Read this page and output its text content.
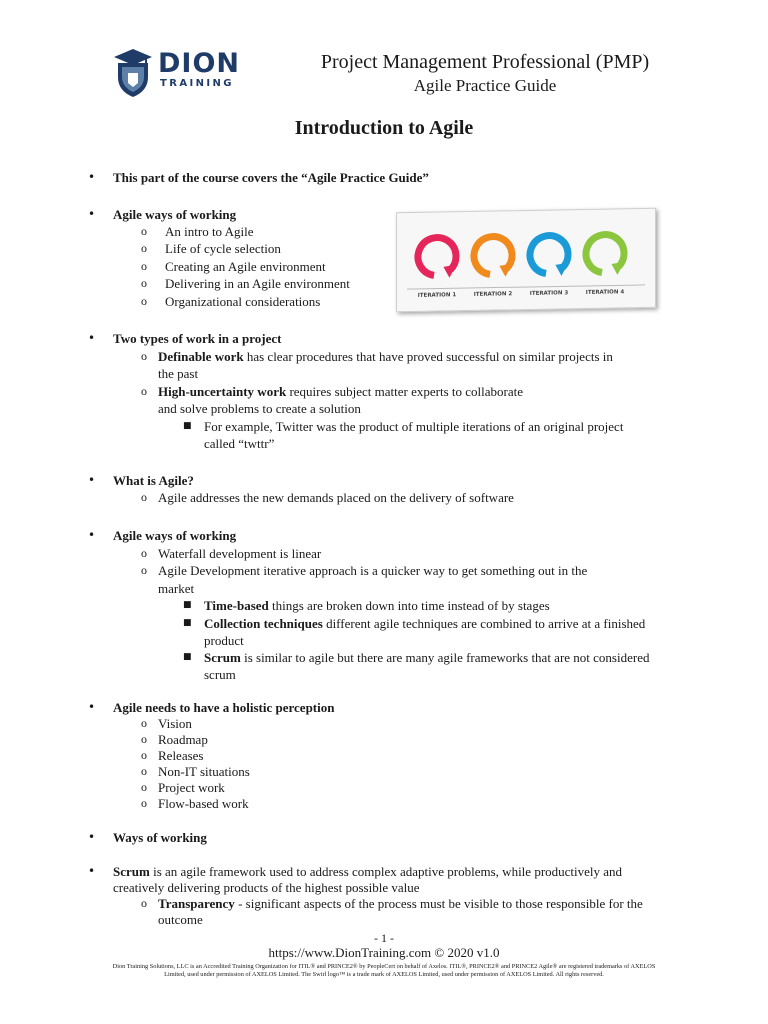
DION
TRAINING
Project Management Professional (PMP)
Agile Practice Guide
Introduction to Agile
• This part of the course covers the “Agile Practice Guide”
• Agile ways of working
o An intro to Agile
o Life of cycle selection
o Creating an Agile environment
o Delivering in an Agile environment
o Organizational considerations	ITERATION 1	ITERATION 2	ITERATION 3	ITERATION 4
• Two types of work in a project
o Definable work has clear procedures that have proved successful on similar projects in
the past
o High-uncertainty work requires subject matter experts to collaborate
and solve problems to create a solution
■ For example, Twitter was the product of multiple iterations of an original project
called “twttr”
• What is Agile?
o Agile addresses the new demands placed on the delivery of software
• Agile ways of working
o Waterfall development is linear
o Agile Development iterative approach is a quicker way to get something out in the
market
■ Time-based things are broken down into time instead of by stages
■ Collection techniques different agile techniques are combined to arrive at a finished
product
■ Scrum is similar to agile but there are many agile frameworks that are not considered
scrum
• Agile needs to have a holistic perception
o Vision
o Roadmap
o Releases
o Non-IT situations
o Project work
o Flow-based work
• Ways of working
• Scrum is an agile framework used to address complex adaptive problems, while productively and
creatively delivering products of the highest possible value
o Transparency - significant aspects of the process must be visible to those responsible for the
outcome
- 1 -
https://www.DionTraining.com © 2020 v1.0
Dion Training Solutions, LLC is an Accredited Training Organization for ITIL® and PRINCE2® by PeopleCert on behalf of Axelos. ITIL®, PRINCE2® and PRINCE2 Agile® are registered trademarks of AXELOS
Limited, used under permission of AXELOS Limited. The Swirl logo™ is a trade mark of AXELOS Limited, used under permission of AXELOS Limited. All rights reserved.
